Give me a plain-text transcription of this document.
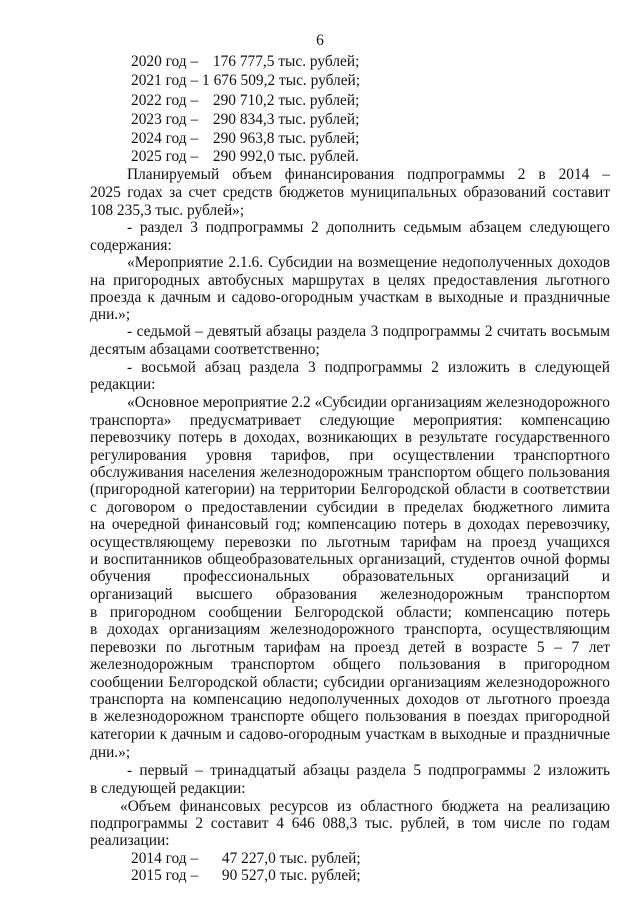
6
2020 год – 176 777,5 тыс. рублей;
2021 год – 1 676 509,2 тыс. рублей;
2022 год – 290 710,2 тыс. рублей;
2023 год – 290 834,3 тыс. рублей;
2024 год – 290 963,8 тыс. рублей;
2025 год – 290 992,0 тыс. рублей.
Планируемый объем финансирования подпрограммы 2 в 2014 –
2025 годах за счет средств бюджетов муниципальных образований составит
108 235,3 тыс. рублей»;
- раздел 3 подпрограммы 2 дополнить седьмым абзацем следующего
содержания:
«Мероприятие 2.1.6. Субсидии на возмещение недополученных доходов
на пригородных автобусных маршрутах в целях предоставления льготного
проезда к дачным и садово-огородным участкам в выходные и праздничные
дни.»;
- седьмой – девятый абзацы раздела 3 подпрограммы 2 считать восьмым
десятым абзацами соответственно;
- восьмой абзац раздела 3 подпрограммы 2 изложить в следующей
редакции:
«Основное мероприятие 2.2 «Субсидии организациям железнодорожного
транспорта» предусматривает следующие мероприятия: компенсацию
перевозчику потерь в доходах, возникающих в результате государственного
регулирования уровня тарифов, при осуществлении транспортного
обслуживания населения железнодорожным транспортом общего пользования
(пригородной категории) на территории Белгородской области в соответствии
с договором о предоставлении субсидии в пределах бюджетного лимита
на очередной финансовый год; компенсацию потерь в доходах перевозчику,
осуществляющему перевозки по льготным тарифам на проезд учащихся
и воспитанников общеобразовательных организаций, студентов очной формы
обучения профессиональных образовательных организаций и
организаций высшего образования железнодорожным транспортом
в пригородном сообщении Белгородской области; компенсацию потерь
в доходах организациям железнодорожного транспорта, осуществляющим
перевозки по льготным тарифам на проезд детей в возрасте 5 – 7 лет
железнодорожным транспортом общего пользования в пригородном
сообщении Белгородской области; субсидии организациям железнодорожного
транспорта на компенсацию недополученных доходов от льготного проезда
в железнодорожном транспорте общего пользования в поездах пригородной
категории к дачным и садово-огородным участкам в выходные и праздничные
дни.»;
- первый – тринадцатый абзацы раздела 5 подпрограммы 2 изложить
в следующей редакции:
«Объем финансовых ресурсов из областного бюджета на реализацию
подпрограммы 2 составит 4 646 088,3 тыс. рублей, в том числе по годам
реализации:
2014 год – 47 227,0 тыс. рублей;
2015 год – 90 527,0 тыс. рублей;
